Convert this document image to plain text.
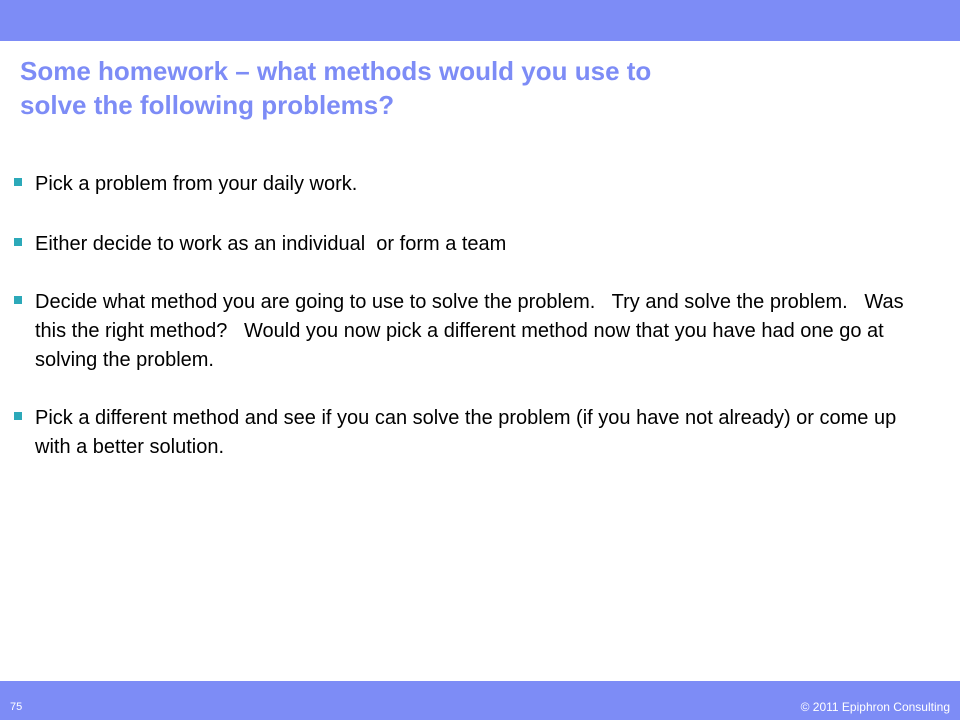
Some homework – what methods would you use to
solve the following problems?
Pick a problem from your daily work.
Either decide to work as an individual  or form a team
Decide what method you are going to use to solve the problem.   Try and solve the problem.   Was this the right method?   Would you now pick a different method now that you have had one go at solving the problem.
Pick a different method and see if you can solve the problem (if you have not already) or come up with a better solution.
75	© 2011 Epiphron Consulting
